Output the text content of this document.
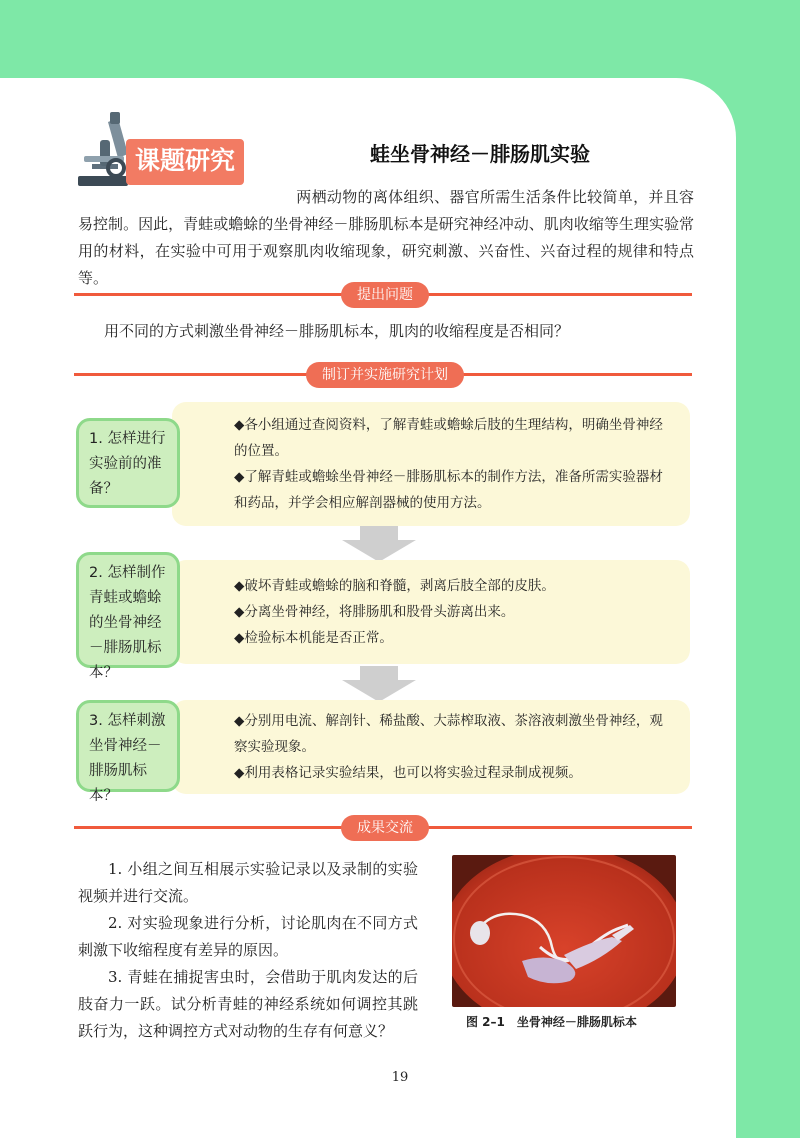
课题研究	蛙坐骨神经－腓肠肌实验

两栖动物的离体组织、器官所需生活条件比较简单，并且容易控制。因此，青蛙或蟾蜍的坐骨神经－腓肠肌标本是研究神经冲动、肌肉收缩等生理实验常用的材料，在实验中可用于观察肌肉收缩现象，研究刺激、兴奋性、兴奋过程的规律和特点等。

提出问题
用不同的方式刺激坐骨神经－腓肠肌标本，肌肉的收缩程度是否相同？
制订并实施研究计划

◆各小组通过查阅资料，了解青蛙或蟾蜍后肢的生理结构，明确坐骨神经的位置。

◆了解青蛙或蟾蜍坐骨神经－腓肠肌标本的制作方法，准备所需实验器材和药品，并学会相应解剖器械的使用方法。

1. 怎样进行实验前的准备？

◆破坏青蛙或蟾蜍的脑和脊髓，剥离后肢全部的皮肤。

◆分离坐骨神经，将腓肠肌和股骨头游离出来。

◆检验标本机能是否正常。

2. 怎样制作青蛙或蟾蜍的坐骨神经－腓肠肌标本？

◆分别用电流、解剖针、稀盐酸、大蒜榨取液、茶溶液刺激坐骨神经，观察实验现象。

◆利用表格记录实验结果，也可以将实验过程录制成视频。

3. 怎样刺激坐骨神经－腓肠肌标本？
成果交流

1. 小组之间互相展示实验记录以及录制的实验视频并进行交流。

2. 对实验现象进行分析，讨论肌肉在不同方式刺激下收缩程度有差异的原因。

3. 青蛙在捕捉害虫时，会借助于肌肉发达的后肢奋力一跃。试分析青蛙的神经系统如何调控其跳跃行为，这种调控方式对动物的生存有何意义？	图 2–1　坐骨神经－腓肠肌标本
19
